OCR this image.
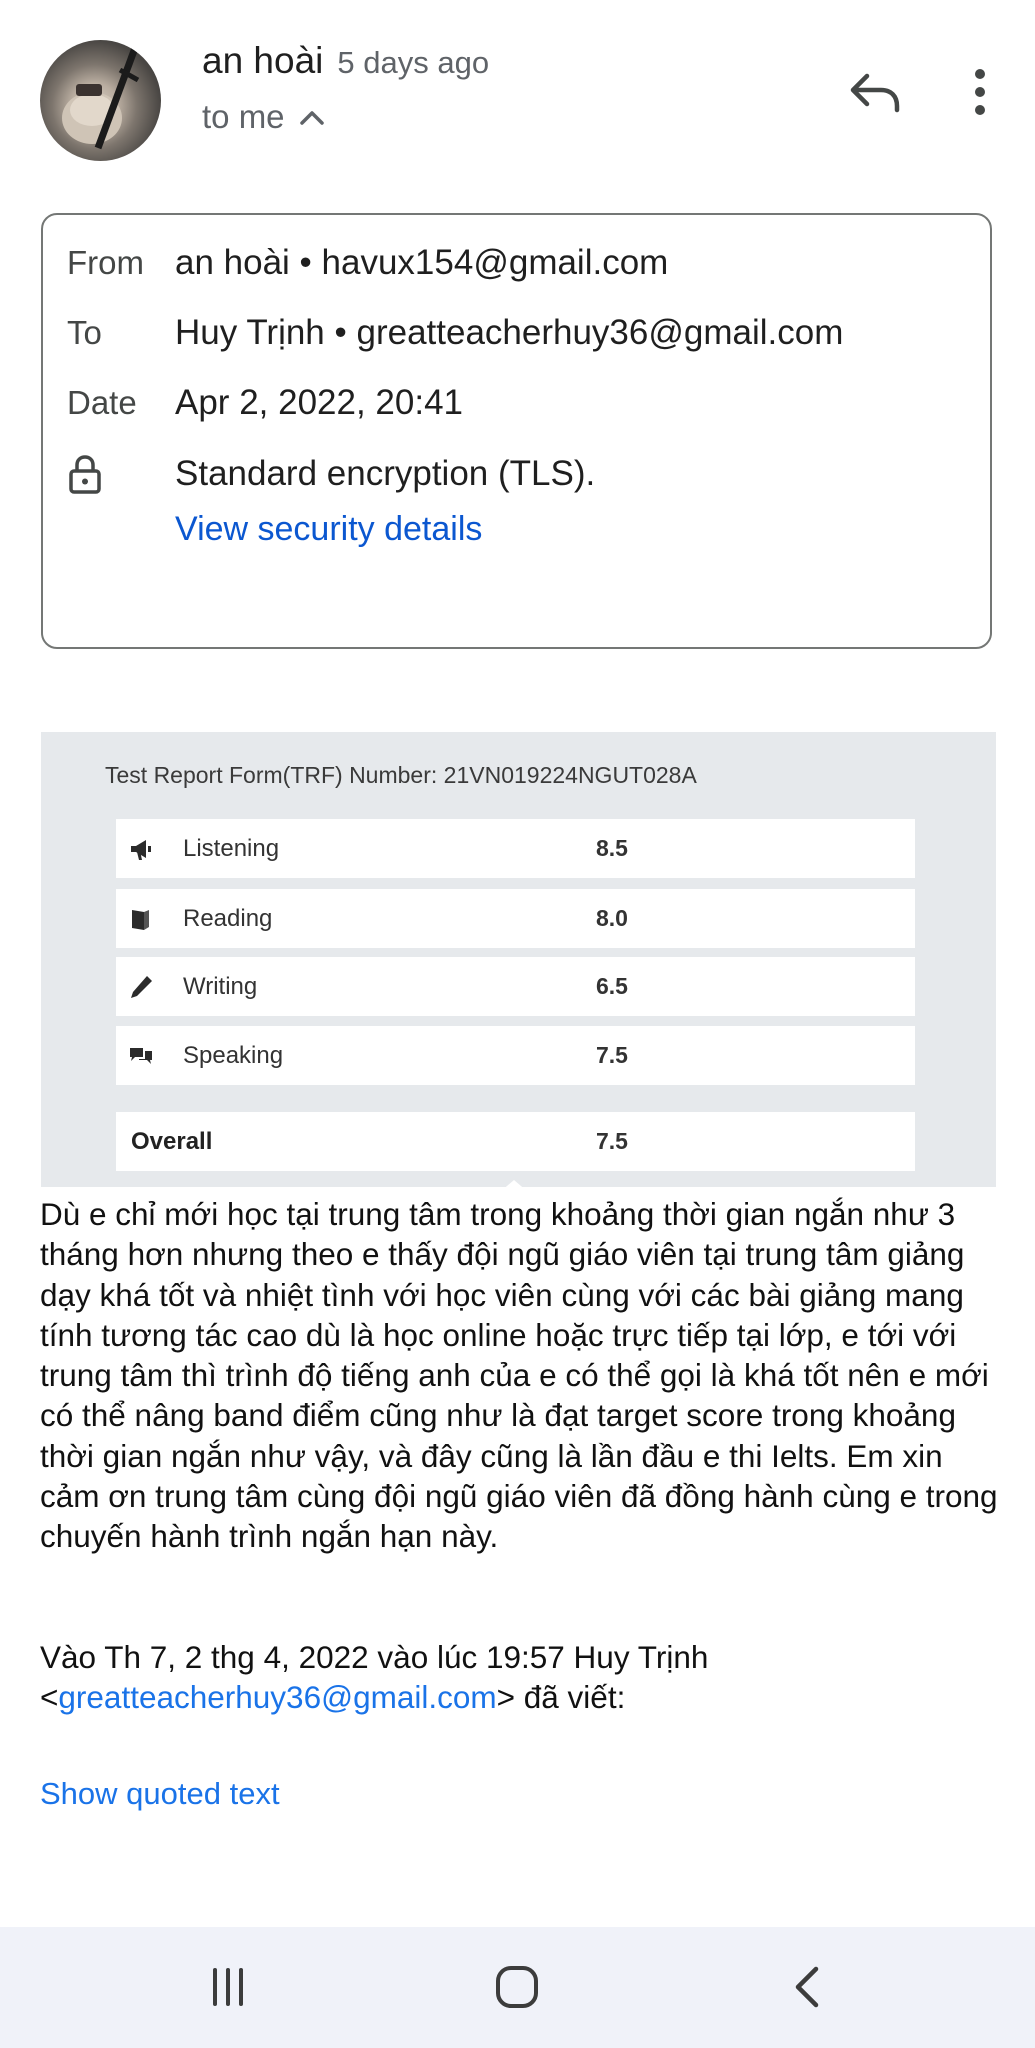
an hoài 5 days ago
to me
From an hoài • havux154@gmail.com
To	Huy Trịnh • greatteacherhuy36@gmail.com
Date	Apr 2, 2022, 20:41
Standard encryption (TLS).
View security details
Test Report Form(TRF) Number: 21VN019224NGUT028A
Listening	8.5
Reading	8.0
Writing	6.5
Speaking	7.5
Overall	7.5
Dù e chỉ mới học tại trung tâm trong khoảng thời gian ngắn như 3 tháng hơn nhưng theo e thấy đội ngũ giáo viên tại trung tâm giảng dạy khá tốt và nhiệt tình với học viên cùng với các bài giảng mang tính tương tác cao dù là học online hoặc trực tiếp tại lớp, e tới với trung tâm thì trình độ tiếng anh của e có thể gọi là khá tốt nên e mới có thể nâng band điểm cũng như là đạt target score trong khoảng thời gian ngắn như vậy, và đây cũng là lần đầu e thi Ielts. Em xin cảm ơn trung tâm cùng đội ngũ giáo viên đã đồng hành cùng e trong chuyến hành trình ngắn hạn này.
Vào Th 7, 2 thg 4, 2022 vào lúc 19:57 Huy Trịnh
<greatteacherhuy36@gmail.com> đã viết:
Show quoted text
